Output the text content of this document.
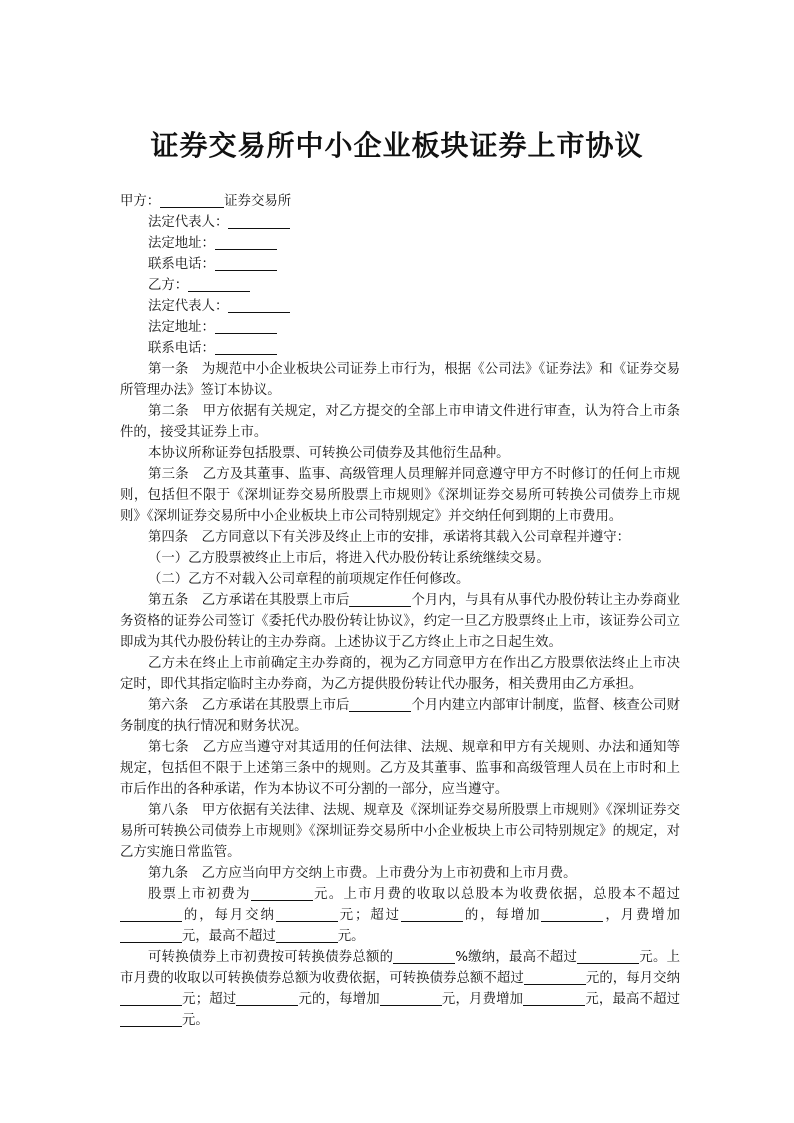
证券交易所中小企业板块证券上市协议

甲方：	证券交易所

法定代表人：

法定地址：

联系电话：

乙方：

法定代表人：

法定地址：

联系电话：

第一条　为规范中小企业板块公司证券上市行为，根据《公司法》《证券法》和《证券交易所管理办法》签订本协议。

第二条　甲方依据有关规定，对乙方提交的全部上市申请文件进行审查，认为符合上市条件的，接受其证券上市。

本协议所称证券包括股票、可转换公司债券及其他衍生品种。

第三条　乙方及其董事、监事、高级管理人员理解并同意遵守甲方不时修订的任何上市规则，包括但不限于《深圳证券交易所股票上市规则》《深圳证券交易所可转换公司债券上市规则》《深圳证券交易所中小企业板块上市公司特别规定》并交纳任何到期的上市费用。

第四条　乙方同意以下有关涉及终止上市的安排，承诺将其载入公司章程并遵守：

（一）乙方股票被终止上市后，将进入代办股份转让系统继续交易。

（二）乙方不对载入公司章程的前项规定作任何修改。

第五条　乙方承诺在其股票上市后	个月内，与具有从事代办股份转让主办券商业务资格的证券公司签订《委托代办股份转让协议》，约定一旦乙方股票终止上市，该证券公司立即成为其代办股份转让的主办券商。上述协议于乙方终止上市之日起生效。

乙方未在终止上市前确定主办券商的，视为乙方同意甲方在作出乙方股票依法终止上市决定时，即代其指定临时主办券商，为乙方提供股份转让代办服务，相关费用由乙方承担。

第六条　乙方承诺在其股票上市后	个月内建立内部审计制度，监督、核查公司财务制度的执行情况和财务状况。

第七条　乙方应当遵守对其适用的任何法律、法规、规章和甲方有关规则、办法和通知等规定，包括但不限于上述第三条中的规则。乙方及其董事、监事和高级管理人员在上市时和上市后作出的各种承诺，作为本协议不可分割的一部分，应当遵守。

第八条　甲方依据有关法律、法规、规章及《深圳证券交易所股票上市规则》《深圳证券交易所可转换公司债券上市规则》《深圳证券交易所中小企业板块上市公司特别规定》的规定，对乙方实施日常监管。

第九条　乙方应当向甲方交纳上市费。上市费分为上市初费和上市月费。

股票上市初费为	元。上市月费的收取以总股本为收费依据，总股本不超过的，每月交纳	元；超过	的，每增加	，月费增加元，最高不超过	元。

可转换债券上市初费按可转换债券总额的	%缴纳，最高不超过	元。上市月费的收取以可转换债券总额为收费依据，可转换债券总额不超过	元的，每月交纳元；超过	元的，每增加	元，月费增加	元，最高不超过元。
